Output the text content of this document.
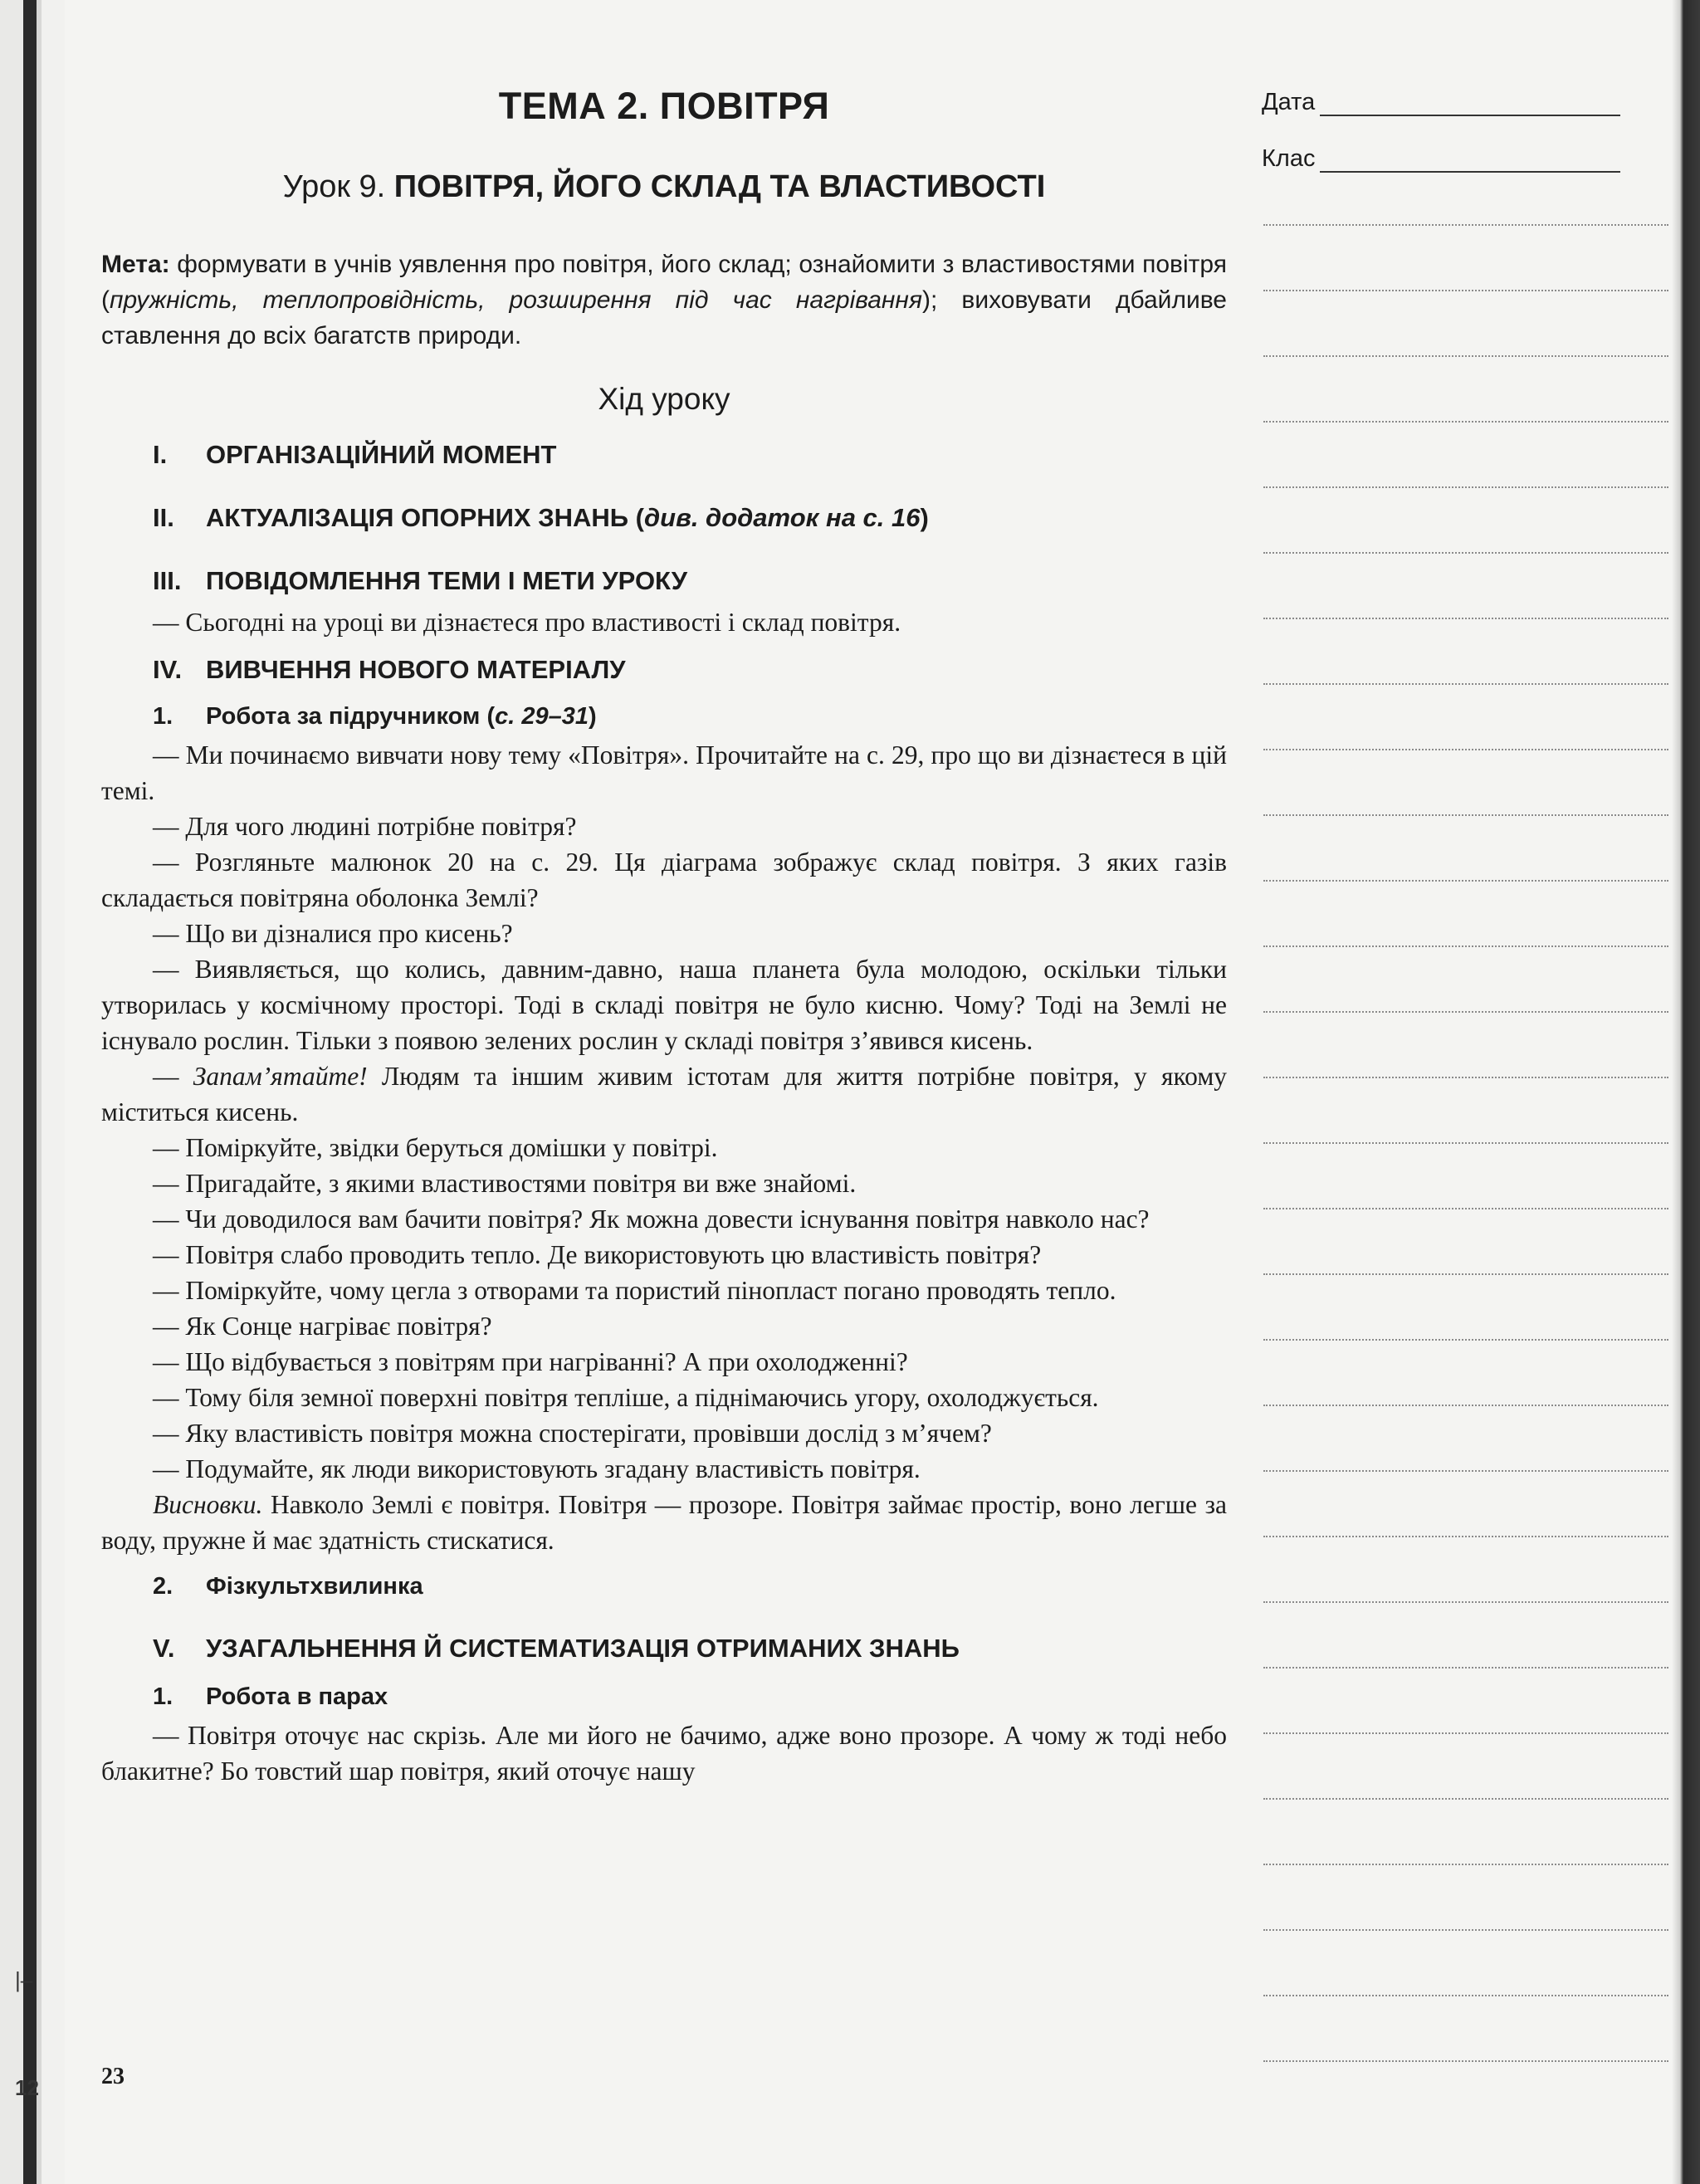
|–
12
ТЕМА 2. ПОВІТРЯ
Урок 9. ПОВІТРЯ, ЙОГО СКЛАД ТА ВЛАСТИВОСТІ
Мета: формувати в учнів уявлення про повітря, його склад; ознайомити з властивостями повітря (пружність, теплопровідність, розширення під час нагрівання); виховувати дбайливе ставлення до всіх багатств природи.
Хід уроку
I.	ОРГАНІЗАЦІЙНИЙ МОМЕНТ
II.	АКТУАЛІЗАЦІЯ ОПОРНИХ ЗНАНЬ (див. додаток на с. 16)
III. ПОВІДОМЛЕННЯ ТЕМИ І МЕТИ УРОКУ

— Сьогодні на уроці ви дізнаєтеся про властивості і склад повітря.

IV. ВИВЧЕННЯ НОВОГО МАТЕРІАЛУ
1.	Робота за підручником (с. 29–31)

— Ми починаємо вивчати нову тему «Повітря». Прочитайте на с. 29, про що ви дізнаєтеся в цій темі.

— Для чого людині потрібне повітря?

— Розгляньте малюнок 20 на с. 29. Ця діаграма зображує склад повітря. З яких газів складається повітряна оболонка Землі?

— Що ви дізналися про кисень?

— Виявляється, що колись, давним-давно, наша планета була молодою, оскільки тільки утворилась у космічному просторі. Тоді в складі повітря не було кисню. Чому? Тоді на Землі не існувало рослин. Тільки з появою зелених рослин у складі повітря з’явився кисень.

— Запам’ятайте! Людям та іншим живим істотам для життя потрібне повітря, у якому міститься кисень.

— Поміркуйте, звідки беруться домішки у повітрі.

— Пригадайте, з якими властивостями повітря ви вже знайомі.

— Чи доводилося вам бачити повітря? Як можна довести існування повітря навколо нас?

— Повітря слабо проводить тепло. Де використовують цю властивість повітря?

— Поміркуйте, чому цегла з отворами та пористий пінопласт погано проводять тепло.

— Як Сонце нагріває повітря?

— Що відбувається з повітрям при нагріванні? А при охолодженні?

— Тому біля земної поверхні повітря тепліше, а піднімаючись угору, охолоджується.

— Яку властивість повітря можна спостерігати, провівши дослід з м’ячем?

— Подумайте, як люди використовують згадану властивість повітря.

Висновки. Навколо Землі є повітря. Повітря — прозоре. Повітря займає простір, воно легше за воду, пружне й має здатність стискатися.

2.	Фізкультхвилинка
V.	УЗАГАЛЬНЕННЯ Й СИСТЕМАТИЗАЦІЯ ОТРИМАНИХ ЗНАНЬ
1.	Робота в парах

— Повітря оточує нас скрізь. Але ми його не бачимо, адже воно прозоре. А чому ж тоді небо блакитне? Бо товстий шар повітря, який оточує нашу

23
Дата
Клас
